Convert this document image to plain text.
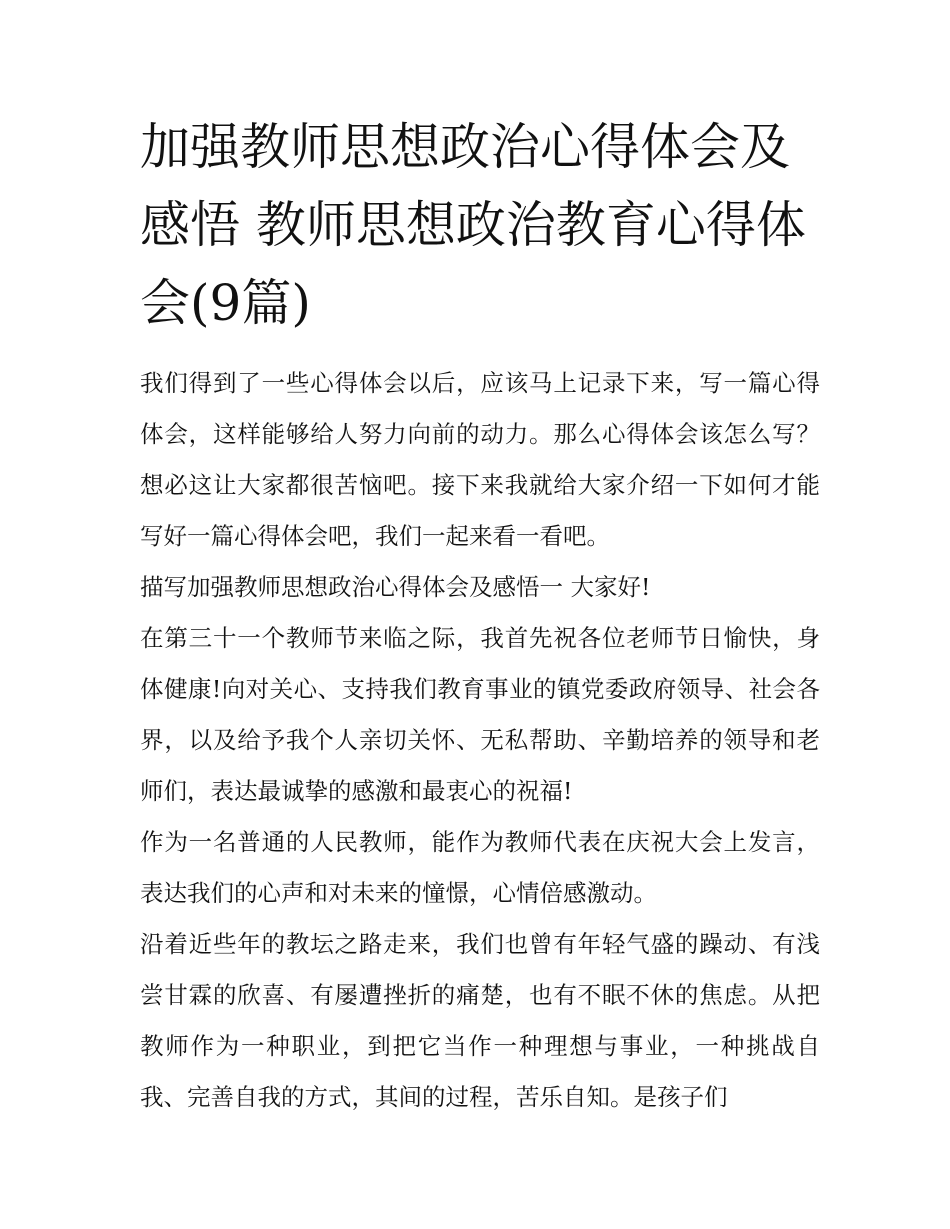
加强教师思想政治心得体会及感悟 教师思想政治教育心得体会(9篇)

我们得到了一些心得体会以后，应该马上记录下来，写一篇心得体会，这样能够给人努力向前的动力。那么心得体会该怎么写？想必这让大家都很苦恼吧。接下来我就给大家介绍一下如何才能写好一篇心得体会吧，我们一起来看一看吧。

描写加强教师思想政治心得体会及感悟一 大家好!

在第三十一个教师节来临之际，我首先祝各位老师节日愉快，身体健康!向对关心、支持我们教育事业的镇党委政府领导、社会各界，以及给予我个人亲切关怀、无私帮助、辛勤培养的领导和老师们，表达最诚挚的感激和最衷心的祝福!

作为一名普通的人民教师，能作为教师代表在庆祝大会上发言，表达我们的心声和对未来的憧憬，心情倍感激动。

沿着近些年的教坛之路走来，我们也曾有年轻气盛的躁动、有浅尝甘霖的欣喜、有屡遭挫折的痛楚，也有不眠不休的焦虑。从把教师作为一种职业，到把它当作一种理想与事业，一种挑战自我、完善自我的方式，其间的过程，苦乐自知。是孩子们
